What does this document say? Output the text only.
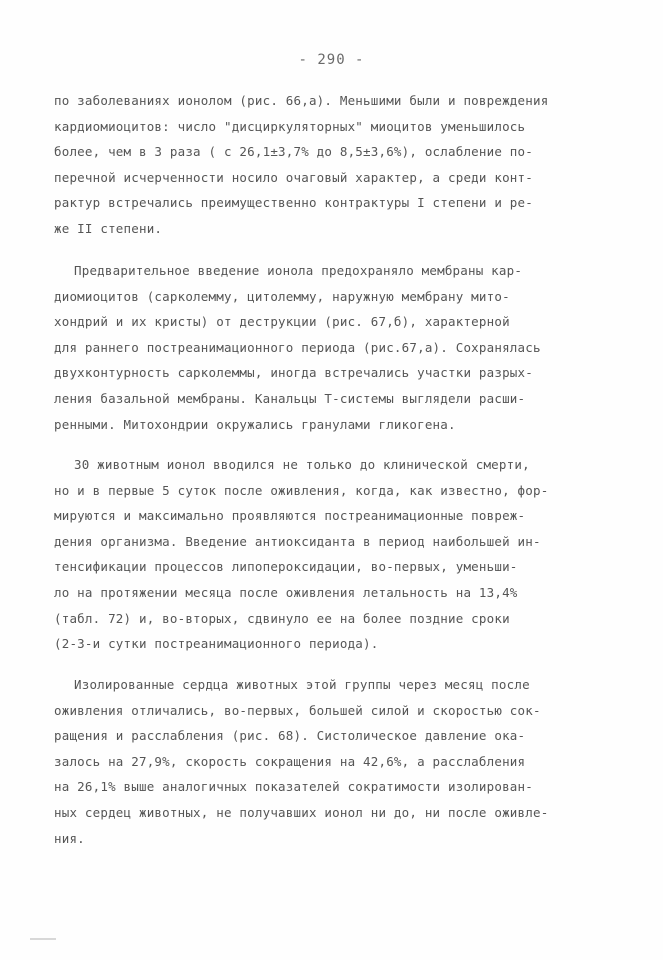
- 290 -
по заболеваниях ионолом (рис. 66,а). Меньшими были и повреждения
кардиомиоцитов: число "дисциркуляторных" миоцитов уменьшилось
более, чем в 3 раза ( с 26,1±3,7% до 8,5±3,6%), ослабление по-
перечной исчерченности носило очаговый характер, а среди конт-
рактур встречались преимущественно контрактуры I степени и ре-
же II степени.
Предварительное введение ионола предохраняло мембраны кар-
диомиоцитов (сарколемму, цитолемму, наружную мембрану мито-
хондрий и их кристы) от деструкции (рис. 67,б), характерной
для раннего постреанимационного периода (рис.67,а). Сохранялась
двухконтурность сарколеммы, иногда встречались участки разрых-
ления базальной мембраны. Канальцы Т-системы выглядели расши-
ренными. Митохондрии окружались гранулами гликогена.
30 животным ионол вводился не только до клинической смерти,
но и в первые 5 суток после оживления, когда, как известно, фор-
мируются и максимально проявляются постреанимационные повреж-
дения организма. Введение антиоксиданта в период наибольшей ин-
тенсификации процессов липопероксидации, во-первых, уменьши-
ло на протяжении месяца после оживления летальность на 13,4%
(табл. 72) и, во-вторых, сдвинуло ее на более поздние сроки
(2-3-и сутки постреанимационного периода).
Изолированные сердца животных этой группы через месяц после
оживления отличались, во-первых, большей силой и скоростью сок-
ращения и расслабления (рис. 68). Систолическое давление ока-
залось на 27,9%, скорость сокращения на 42,6%, а расслабления
на 26,1% выше аналогичных показателей сократимости изолирован-
ных сердец животных, не получавших ионол ни до, ни после оживле-
ния.
